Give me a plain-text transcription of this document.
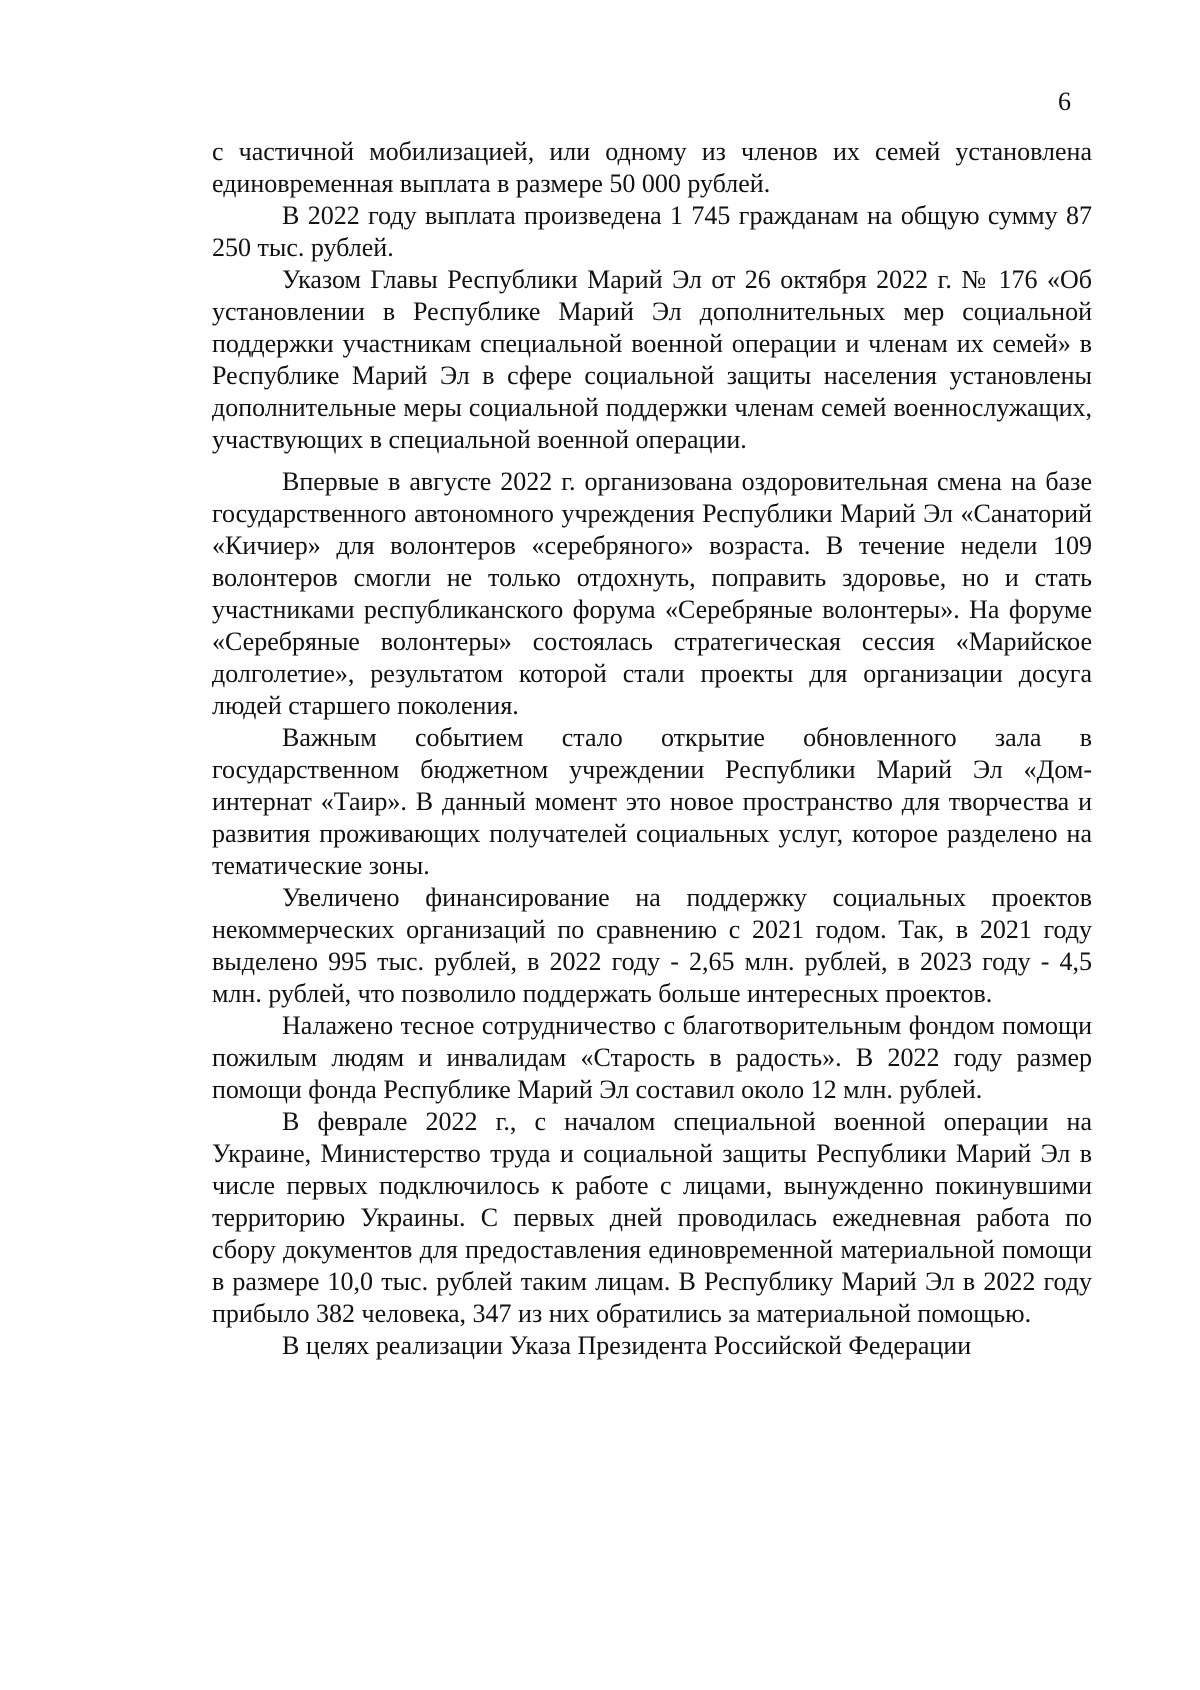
6

с частичной мобилизацией, или одному из членов их семей установлена единовременная выплата в размере 50 000 рублей.

В 2022 году выплата произведена 1 745 гражданам на общую сумму 87 250 тыс. рублей.

Указом Главы Республики Марий Эл от 26 октября 2022 г. № 176 «Об установлении в Республике Марий Эл дополнительных мер социальной поддержки участникам специальной военной операции и членам их семей» в Республике Марий Эл в сфере социальной защиты населения установлены дополнительные меры социальной поддержки членам семей военнослужащих, участвующих в специальной военной операции.

Впервые в августе 2022 г. организована оздоровительная смена на базе государственного автономного учреждения Республики Марий Эл «Санаторий «Кичиер» для волонтеров «серебряного» возраста. В течение недели 109 волонтеров смогли не только отдохнуть, поправить здоровье, но и стать участниками республиканского форума «Серебряные волонтеры». На форуме «Серебряные волонтеры» состоялась стратегическая сессия «Марийское долголетие», результатом которой стали проекты для организации досуга людей старшего поколения.

Важным событием стало открытие обновленного зала в государственном бюджетном учреждении Республики Марий Эл «Дом-интернат «Таир». В данный момент это новое пространство для творчества и развития проживающих получателей социальных услуг, которое разделено на тематические зоны.

Увеличено финансирование на поддержку социальных проектов некоммерческих организаций по сравнению с 2021 годом. Так, в 2021 году выделено 995 тыс. рублей, в 2022 году - 2,65 млн. рублей, в 2023 году - 4,5 млн. рублей, что позволило поддержать больше интересных проектов.

Налажено тесное сотрудничество с благотворительным фондом помощи пожилым людям и инвалидам «Старость в радость». В 2022 году размер помощи фонда Республике Марий Эл составил около 12 млн. рублей.

В феврале 2022 г., с началом специальной военной операции на Украине, Министерство труда и социальной защиты Республики Марий Эл в числе первых подключилось к работе с лицами, вынужденно покинувшими территорию Украины. С первых дней проводилась ежедневная работа по сбору документов для предоставления единовременной материальной помощи в размере 10,0 тыс. рублей таким лицам. В Республику Марий Эл в 2022 году прибыло 382 человека, 347 из них обратились за материальной помощью.

В целях реализации Указа Президента Российской Федерации
